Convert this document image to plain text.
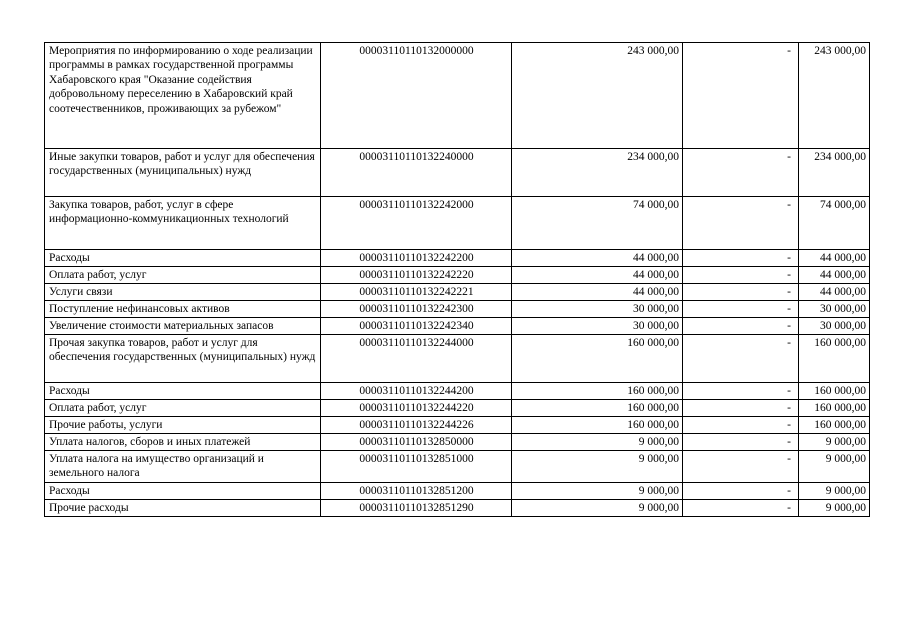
Мероприятия по информированию о ходе реализации программы в рамках государственной программы Хабаровского края "Оказание содействия добровольному переселению в Хабаровский край соотечественников, проживающих за рубежом"	00003110110132000000	243 000,00	-	243 000,00
Иные закупки товаров, работ и услуг для обеспечения государственных (муниципальных) нужд	00003110110132240000	234 000,00	-	234 000,00
Закупка товаров, работ, услуг в сфере информационно-коммуникационных технологий	00003110110132242000	74 000,00	-	74 000,00
Расходы	00003110110132242200	44 000,00	-	44 000,00
Оплата работ, услуг	00003110110132242220	44 000,00	-	44 000,00
Услуги связи	00003110110132242221	44 000,00	-	44 000,00
Поступление нефинансовых активов	00003110110132242300	30 000,00	-	30 000,00
Увеличение стоимости материальных запасов	00003110110132242340	30 000,00	-	30 000,00
Прочая закупка товаров, работ и услуг для обеспечения государственных (муниципальных) нужд	00003110110132244000	160 000,00	-	160 000,00
Расходы	00003110110132244200	160 000,00	-	160 000,00
Оплата работ, услуг	00003110110132244220	160 000,00	-	160 000,00
Прочие работы, услуги	00003110110132244226	160 000,00	-	160 000,00
Уплата налогов, сборов и иных платежей	00003110110132850000	9 000,00	-	9 000,00
Уплата налога на имущество организаций и земельного налога	00003110110132851000	9 000,00	-	9 000,00
Расходы	00003110110132851200	9 000,00	-	9 000,00
Прочие расходы	00003110110132851290	9 000,00	-	9 000,00
